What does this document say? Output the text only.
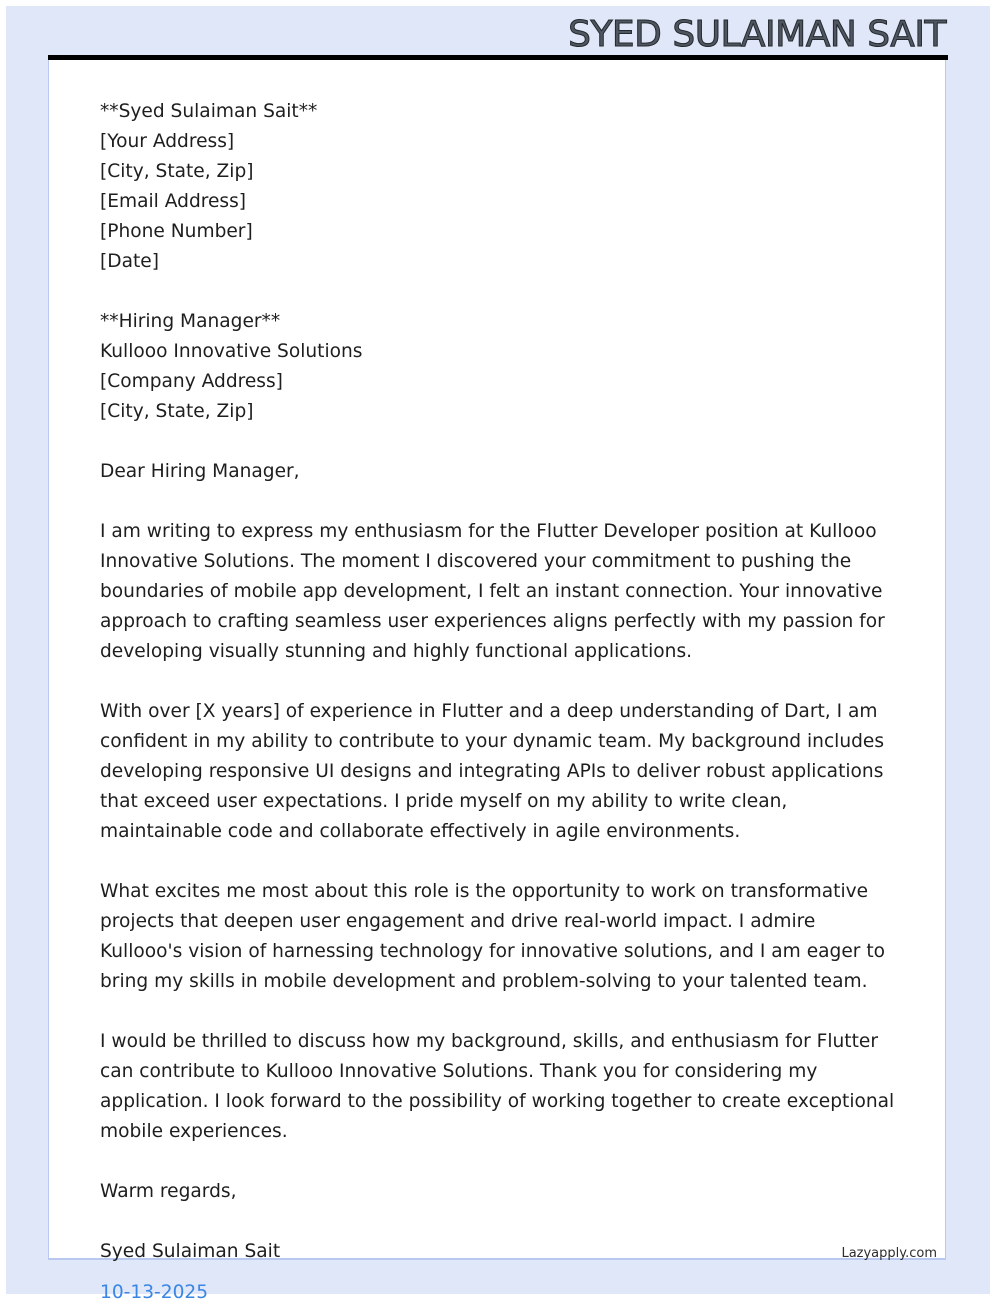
SYED SULAIMAN SAIT
**Syed Sulaiman Sait**
[Your Address]
[City, State, Zip]
[Email Address]
[Phone Number]
[Date]
**Hiring Manager**
Kullooo Innovative Solutions
[Company Address]
[City, State, Zip]
Dear Hiring Manager,

I am writing to express my enthusiasm for the Flutter Developer position at Kullooo Innovative Solutions. The moment I discovered your commitment to pushing the boundaries of mobile app development, I felt an instant connection. Your innovative approach to crafting seamless user experiences aligns perfectly with my passion for developing visually stunning and highly functional applications.

With over [X years] of experience in Flutter and a deep understanding of Dart, I am confident in my ability to contribute to your dynamic team. My background includes developing responsive UI designs and integrating APIs to deliver robust applications that exceed user expectations. I pride myself on my ability to write clean, maintainable code and collaborate effectively in agile environments.

What excites me most about this role is the opportunity to work on transformative projects that deepen user engagement and drive real-world impact. I admire Kullooo's vision of harnessing technology for innovative solutions, and I am eager to bring my skills in mobile development and problem-solving to your talented team.

I would be thrilled to discuss how my background, skills, and enthusiasm for Flutter can contribute to Kullooo Innovative Solutions. Thank you for considering my application. I look forward to the possibility of working together to create exceptional mobile experiences.

Warm regards,
Syed Sulaiman Sait
10-13-2025
Lazyapply.com
